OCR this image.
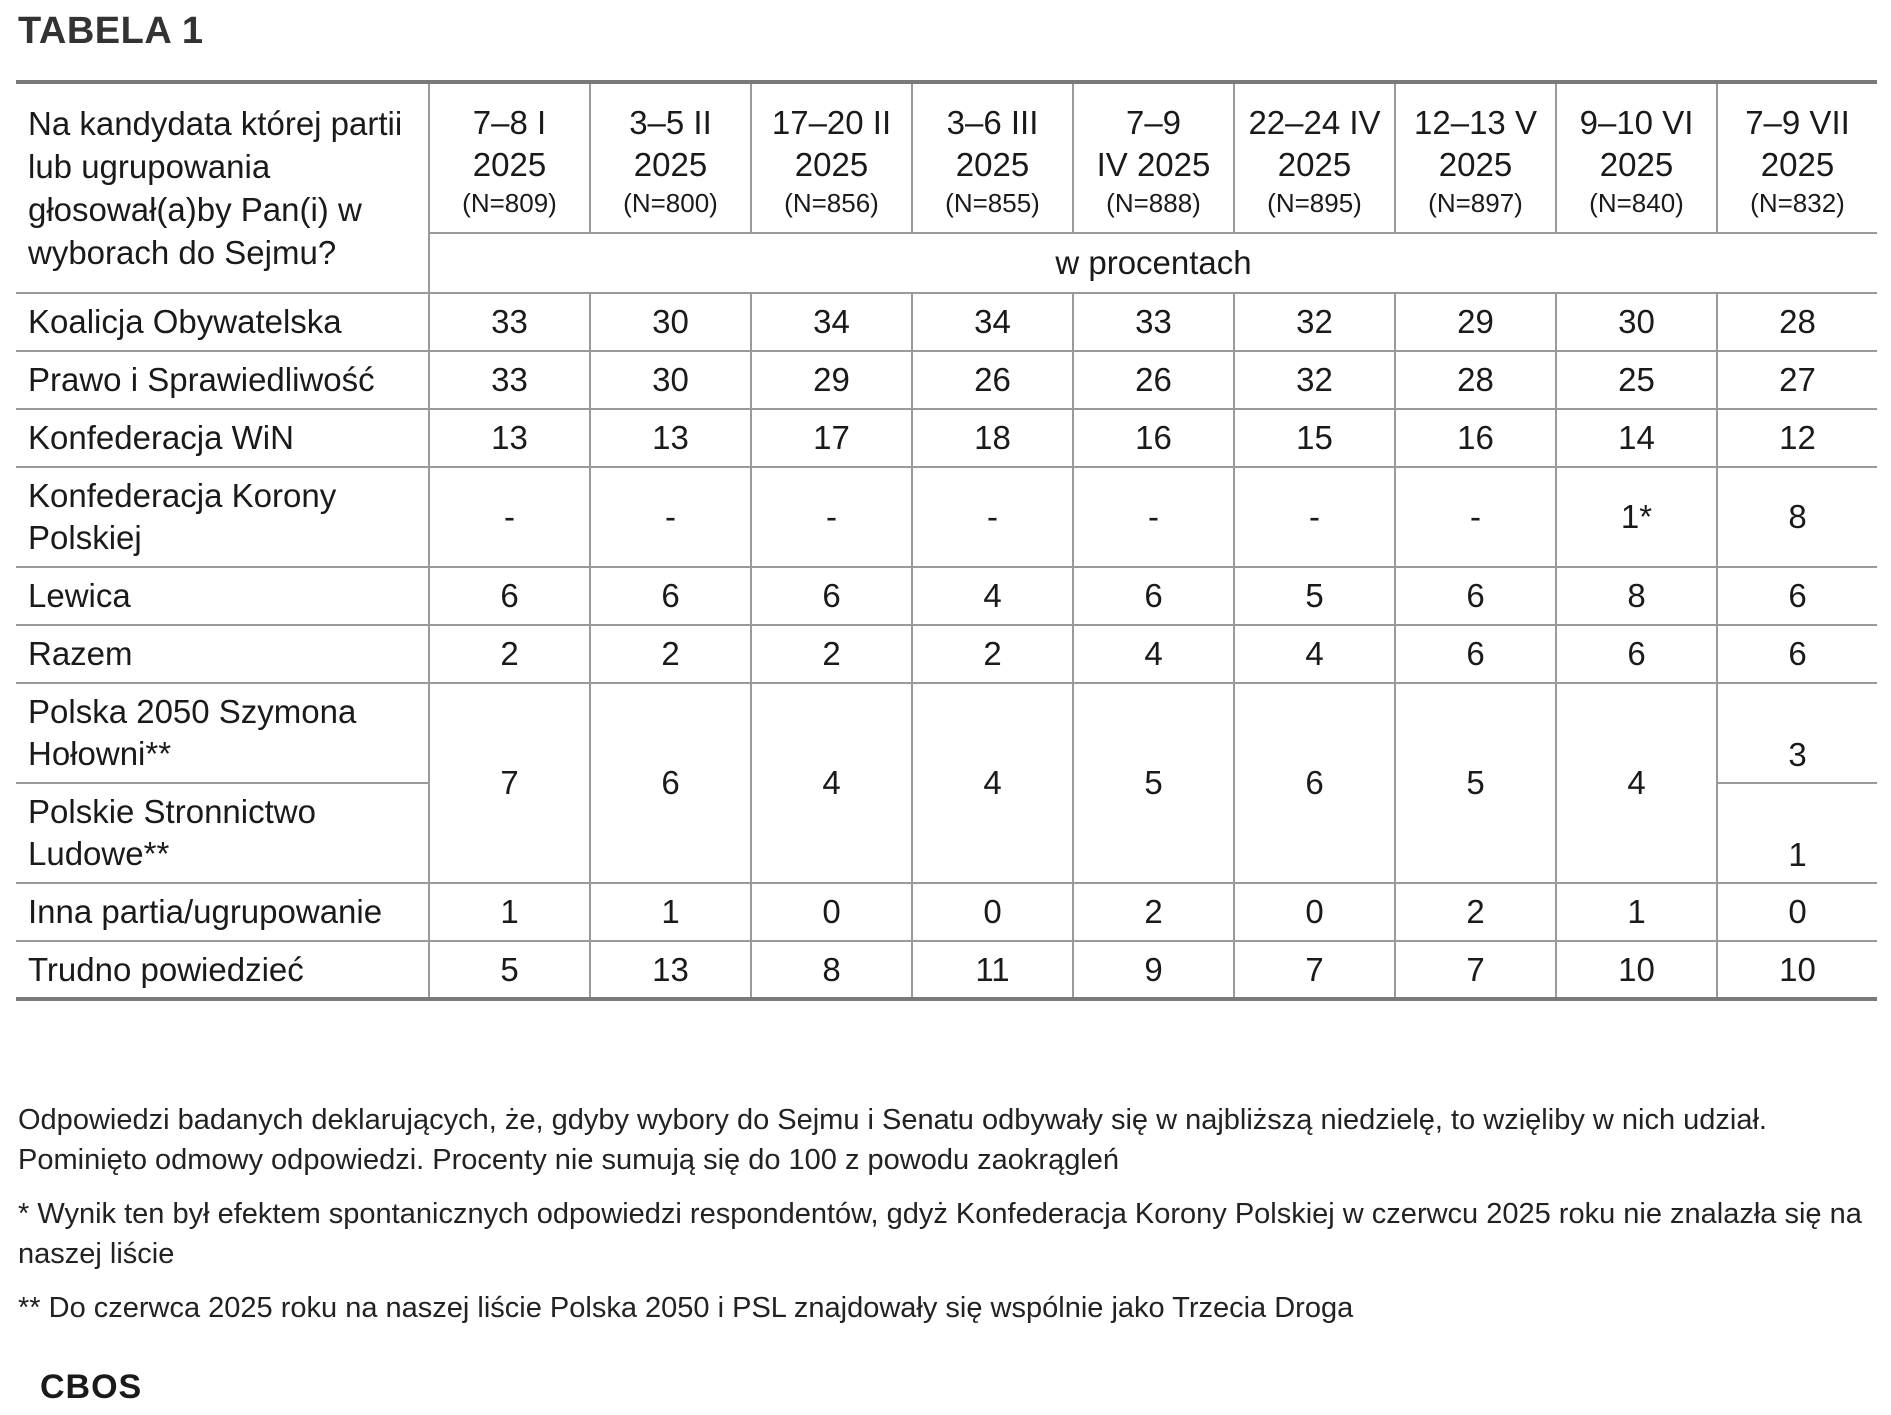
TABELA 1
Na kandydata której partii lub ugrupowania głosował(a)by Pan(i) w wyborach do Sejmu?	7–8 I
2025
(N=809)	3–5 II
2025
(N=800)	17–20 II
2025
(N=856)	3–6 III
2025
(N=855)	7–9
IV 2025
(N=888)	22–24 IV
2025
(N=895)	12–13 V
2025
(N=897)	9–10 VI
2025
(N=840)	7–9 VII
2025
(N=832)

	w procentach								
Koalicja Obywatelska	33	30	34	34	33	32	29	30	28
Prawo i Sprawiedliwość	33	30	29	26	26	32	28	25	27
Konfederacja WiN	13	13	17	18	16	15	16	14	12
Konfederacja Korony Polskiej	-	-	-	-	-	-	-	1*	8
Lewica	6	6	6	4	6	5	6	8	6
Razem	2	2	2	2	4	4	6	6	6
Polska 2050 Szymona Hołowni**	7	6	4	4	5	6	5	4	3
Polskie Stronnictwo Ludowe**									1
Inna partia/ugrupowanie	1	1	0	0	2	0	2	1	0
Trudno powiedzieć	5	13	8	11	9	7	7	10	10

Odpowiedzi badanych deklarujących, że, gdyby wybory do Sejmu i Senatu odbywały się w najbliższą niedzielę, to wzięliby w nich udział. Pominięto odmowy odpowiedzi. Procenty nie sumują się do 100 z powodu zaokrągleń

* Wynik ten był efektem spontanicznych odpowiedzi respondentów, gdyż Konfederacja Korony Polskiej w czerwcu 2025 roku nie znalazła się na naszej liście

** Do czerwca 2025 roku na naszej liście Polska 2050 i PSL znajdowały się wspólnie jako Trzecia Droga

CBOS
